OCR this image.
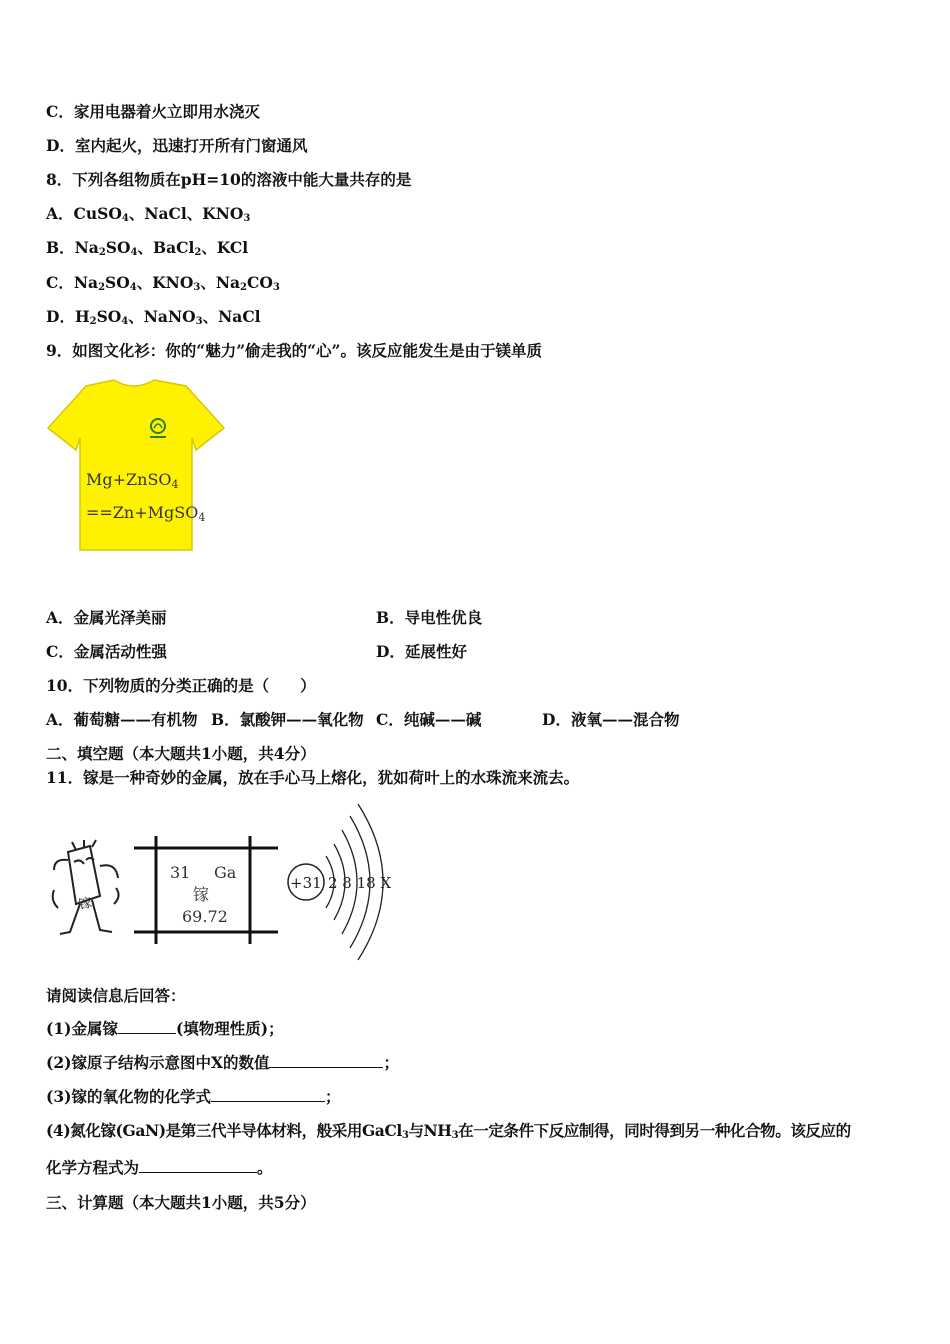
C．家用电器着火立即用水浇灭
D．室内起火，迅速打开所有门窗通风
8．下列各组物质在pH=10的溶液中能大量共存的是
A．CuSO$_4$、NaCl、$KNO_3$
B．$Na_2SO_4$、BaCl$_2$、KCl
C．$Na_2SO_4$、$KNO_3$、$Na_2CO_3$
D．$H_2SO_4$、NaNO$_3$、NaCl
9．如图文化衫：你的“魅力”偷走我的“心”。该反应能发生是由于镁单质
Mg+ZnSO4
==Zn+MgSO4
A．金属光泽美丽	B．导电性优良
C．金属活动性强	D．延展性好
10．下列物质的分类正确的是（　　）
A．葡萄糖——有机物 B．氯酸钾——氧化物 C．纯碱——碱	D．液氧——混合物
二、填空题（本大题共1小题，共4分）
11．镓是一种奇妙的金属，放在手心马上熔化，犹如荷叶上的水珠流来流去。
镓
31 Ga
镓
69.72
+31 2 8 18 X
请阅读信息后回答：
(1)金属镓	(填物理性质)；
(2)镓原子结构示意图中X的数值	；
(3)镓的氧化物的化学式	；
(4)氮化镓(GaN)是第三代半导体材料，般采用GaCl$_3$与$NH_3$在一定条件下反应制得，同时得到另一种化合物。该反应的
化学方程式为	。
三、计算题（本大题共1小题，共5分）
